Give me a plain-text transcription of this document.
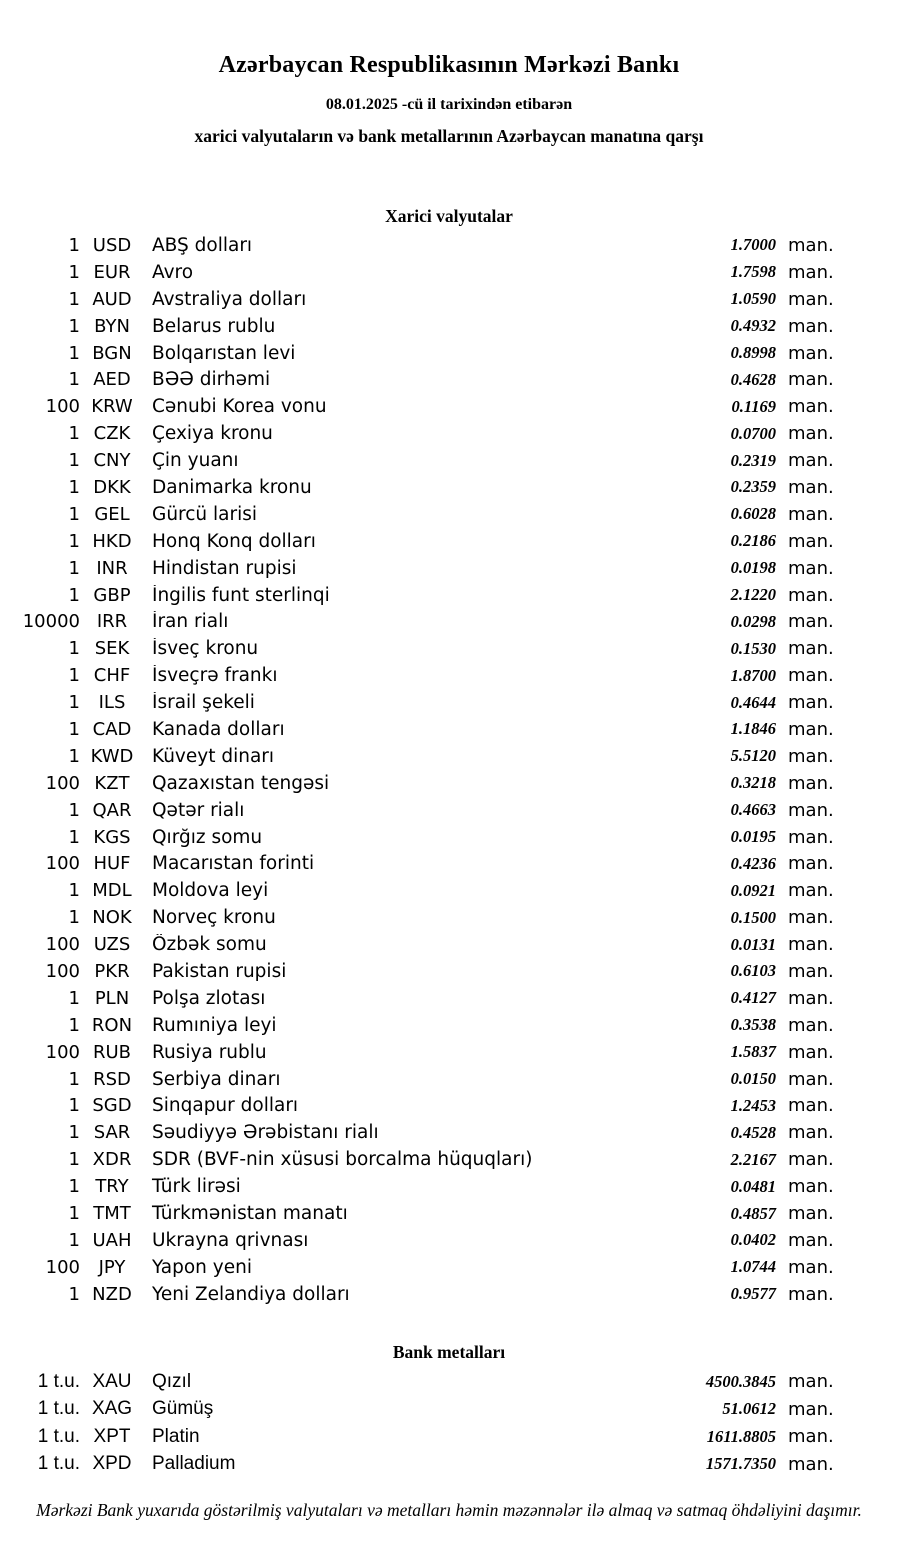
Azərbaycan Respublikasının Mərkəzi Bankı
08.01.2025 -cü il tarixindən etibarən
xarici valyutaların və bank metallarının Azərbaycan manatına qarşı
Xarici valyutalar
1 USD	ABŞ dolları	1.7000 man.
1 EUR	Avro	1.7598 man.
1 AUD	Avstraliya dolları	1.0590 man.
1 BYN	Belarus rublu	0.4932 man.
1 BGN	Bolqarıstan levi	0.8998 man.
1 AED	BƏƏ dirhəmi	0.4628 man.
100 KRW	Cənubi Korea vonu	0.1169 man.
1 CZK	Çexiya kronu	0.0700 man.
1 CNY	Çin yuanı	0.2319 man.
1 DKK	Danimarka kronu	0.2359 man.
1 GEL	Gürcü larisi	0.6028 man.
1 HKD	Honq Konq dolları	0.2186 man.
1 INR	Hindistan rupisi	0.0198 man.
1 GBP	İngilis funt sterlinqi	2.1220 man.
10000 IRR	İran rialı	0.0298 man.
1 SEK	İsveç kronu	0.1530 man.
1 CHF	İsveçrə frankı	1.8700 man.
1	ILS	İsrail şekeli	0.4644 man.
1 CAD	Kanada dolları	1.1846 man.
1 KWD	Küveyt dinarı	5.5120 man.
100 KZT	Qazaxıstan tengəsi	0.3218 man.
1 QAR	Qətər rialı	0.4663 man.
1 KGS	Qırğız somu	0.0195 man.
100 HUF	Macarıstan forinti	0.4236 man.
1 MDL	Moldova leyi	0.0921 man.
1 NOK	Norveç kronu	0.1500 man.
100 UZS	Özbək somu	0.0131 man.
100 PKR	Pakistan rupisi	0.6103 man.
1 PLN	Polşa zlotası	0.4127 man.
1 RON	Rumıniya leyi	0.3538 man.
100 RUB	Rusiya rublu	1.5837 man.
1 RSD	Serbiya dinarı	0.0150 man.
1 SGD	Sinqapur dolları	1.2453 man.
1 SAR	Səudiyyə Ərəbistanı rialı	0.4528 man.
1 XDR	SDR (BVF-nin xüsusi borcalma hüquqları)	2.2167 man.
1 TRY	Türk lirəsi	0.0481 man.
1 TMT	Türkmənistan manatı	0.4857 man.
1 UAH	Ukrayna qrivnası	0.0402 man.
100	JPY	Yapon yeni	1.0744 man.
1 NZD	Yeni Zelandiya dolları	0.9577 man.
Bank metalları
1 t.u. XAU	Qızıl	4500.3845 man.
1 t.u. XAG	Gümüş	51.0612 man.
1 t.u. XPT	Platin	1611.8805 man.
1 t.u. XPD	Palladium	1571.7350 man.
Mərkəzi Bank yuxarıda göstərilmiş valyutaları və metalları həmin məzənnələr ilə almaq və satmaq öhdəliyini daşımır.
